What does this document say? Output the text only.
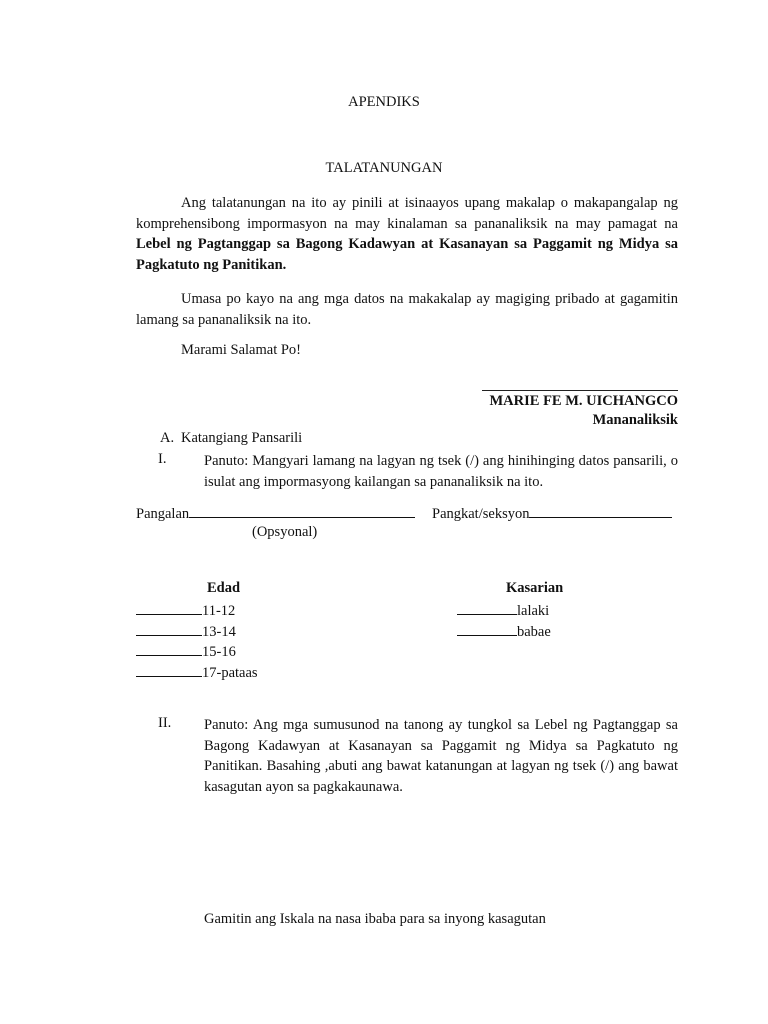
APENDIKS
TALATANUNGAN
Ang talatanungan na ito ay pinili at isinaayos upang makalap o makapangalap ng komprehensibong impormasyon na may kinalaman sa pananaliksik na may pamagat na Lebel ng Pagtanggap sa Bagong Kadawyan at Kasanayan sa Paggamit ng Midya sa Pagkatuto ng Panitikan.
Umasa po kayo na ang mga datos na makakalap ay magiging pribado at gagamitin lamang sa pananaliksik na ito.
Marami Salamat Po!
MARIE FE M. UICHANGCO
Mananaliksik
A. Katangiang Pansarili
I.	Panuto: Mangyari lamang na lagyan ng tsek (/) ang hinihinging datos pansarili, o isulat ang impormasyong kailangan sa pananaliksik na ito.
Pangalan
(Opsyonal)
Pangkat/seksyon
Edad
11-12
13-14
15-16
17-pataas
Kasarian
lalaki
babae
II. Panuto: Ang mga sumusunod na tanong ay tungkol sa Lebel ng Pagtanggap sa Bagong Kadawyan at Kasanayan sa Paggamit ng Midya sa Pagkatuto ng Panitikan. Basahing ,abuti ang bawat katanungan at lagyan ng tsek (/) ang bawat kasagutan ayon sa pagkakaunawa.
Gamitin ang Iskala na nasa ibaba para sa inyong kasagutan
